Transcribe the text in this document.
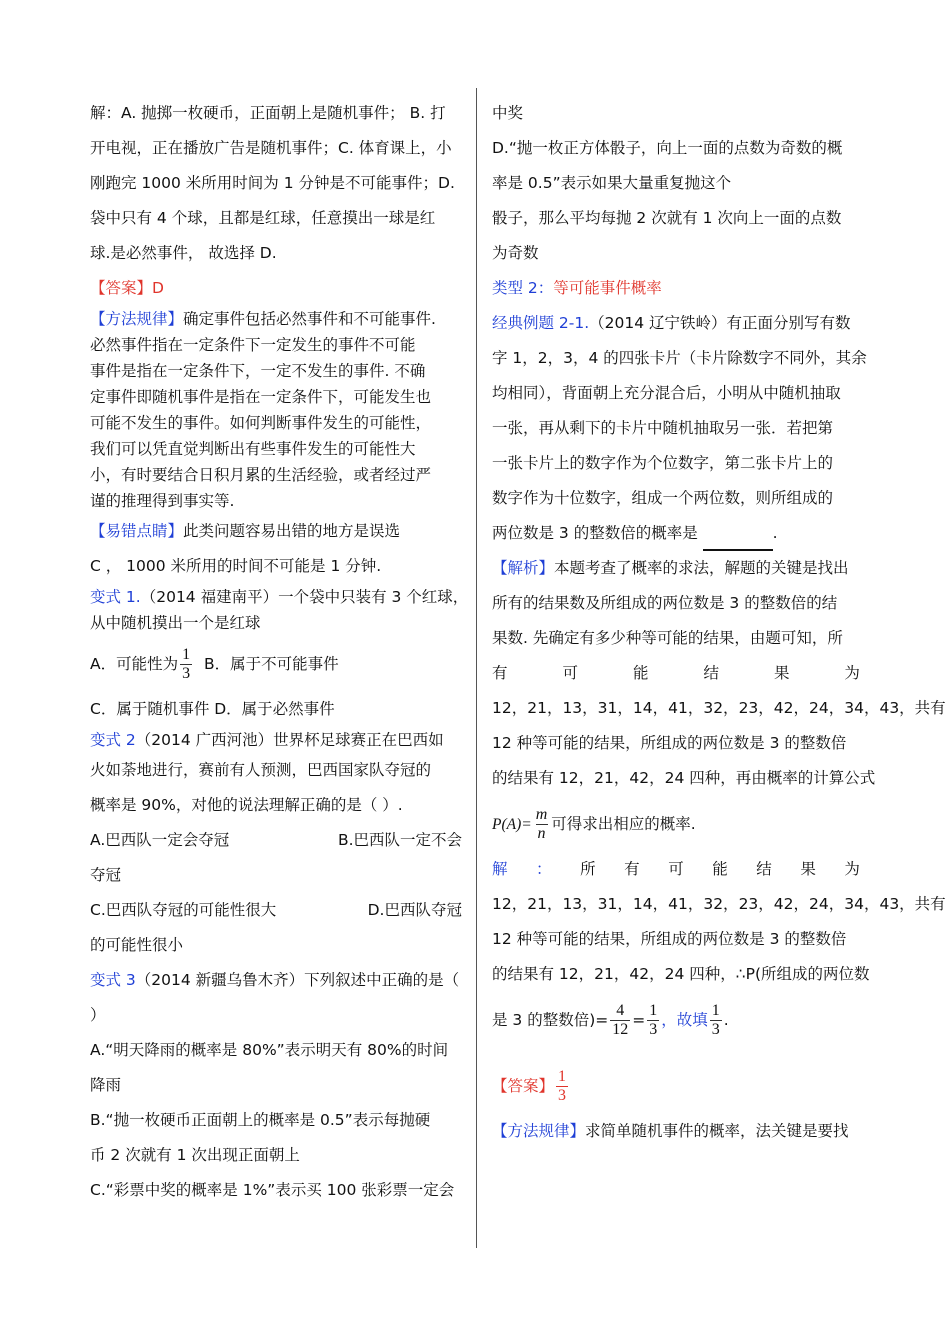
解：A. 抛掷一枚硬币，正面朝上是随机事件； B. 打
开电视，正在播放广告是随机事件；C. 体育课上，小
刚跑完 1000 米所用时间为 1 分钟是不可能事件；D.
袋中只有 4 个球，且都是红球，任意摸出一球是红
球.是必然事件， 故选择 D.
【答案】D
【方法规律】确定事件包括必然事件和不可能事件.
必然事件指在一定条件下一定发生的事件不可能
事件是指在一定条件下，一定不发生的事件. 不确
定事件即随机事件是指在一定条件下，可能发生也
可能不发生的事件。如何判断事件发生的可能性，
我们可以凭直觉判断出有些事件发生的可能性大
小，有时要结合日积月累的生活经验，或者经过严
谨的推理得到事实等.
【易错点睛】此类问题容易出错的地方是误选
C ， 1000 米所用的时间不可能是 1 分钟.
变式 1.（2014 福建南平）一个袋中只装有 3 个红球，
从中随机摸出一个是红球
A．可能性为 $\frac{1}{3}$ B．属于不可能事件
C．属于随机事件 D．属于必然事件
变式 2（2014 广西河池）世界杯足球赛正在巴西如
火如荼地进行，赛前有人预测，巴西国家队夺冠的
概率是 90%，对他的说法理解正确的是（ ）.
A.巴西队一定会夺冠	B.巴西队一定不会
夺冠
C.巴西队夺冠的可能性很大	D.巴西队夺冠
的可能性很小
变式 3（2014 新疆乌鲁木齐）下列叙述中正确的是（
）
A.“明天降雨的概率是 80%”表示明天有 80%的时间
降雨
B.“抛一枚硬币正面朝上的概率是 0.5”表示每抛硬
币 2 次就有 1 次出现正面朝上
C.“彩票中奖的概率是 1%”表示买 100 张彩票一定会
中奖
D.“抛一枚正方体骰子，向上一面的点数为奇数的概
率是 0.5”表示如果大量重复抛这个
骰子，那么平均每抛 2 次就有 1 次向上一面的点数
为奇数
类型 2：等可能事件概率
经典例题 2-1.（2014 辽宁铁岭）有正面分别写有数
字 1，2，3，4 的四张卡片（卡片除数字不同外，其余
均相同），背面朝上充分混合后，小明从中随机抽取
一张，再从剩下的卡片中随机抽取另一张．若把第
一张卡片上的数字作为个位数字，第二张卡片上的
数字作为十位数字，组成一个两位数，则所组成的
两位数是 3 的整数倍的概率是	.
【解析】本题考查了概率的求法，解题的关键是找出
所有的结果数及所组成的两位数是 3 的整数倍的结
果数. 先确定有多少种等可能的结果，由题可知，所
有	可	能	结	果	为
12，21，13，31，14，41，32，23，42，24，34，43，共有
12 种等可能的结果，所组成的两位数是 3 的整数倍
的结果有 12，21，42，24 四种，再由概率的计算公式
$P(A)= \frac{m}{n}$ 可得求出相应的概率.
解 ： 所 有 可 能 结 果 为
12，21，13，31，14，41，32，23，42，24，34，43，共有
12 种等可能的结果，所组成的两位数是 3 的整数倍
的结果有 12，21，42，24 四种，∴P(所组成的两位数
是 3 的整数倍)= $\frac{4}{12} = \frac{1}{3}$ ，故填 $\frac{1}{3}$ .
【答案】 $\frac{1}{3}$
【方法规律】求简单随机事件的概率，法关键是要找
